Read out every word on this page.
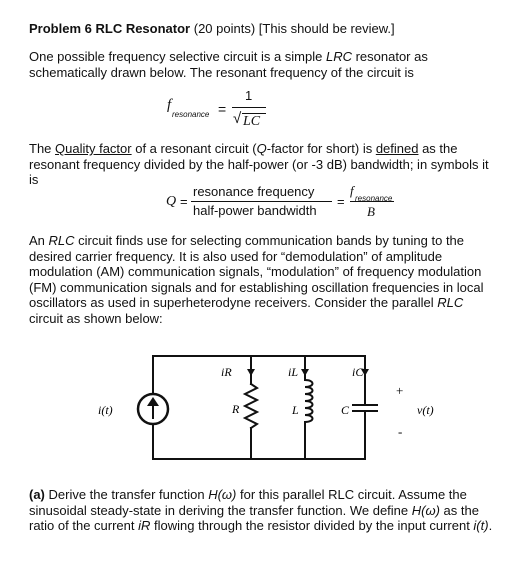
Problem 6 RLC Resonator (20 points) [This should be review.]

One possible frequency selective circuit is a simple LRC resonator as schematically drawn below. The resonant frequency of the circuit is

f
resonance =
1
√ LC

The Quality factor of a resonant circuit (Q-factor for short) is defined as the resonant frequency divided by the half-power (or -3 dB) bandwidth; in symbols it is

Q =
resonance frequency
half-power bandwidth
=
f
resonance
B

An RLC circuit finds use for selecting communication bands by tuning to the desired carrier frequency. It is also used for “demodulation” of amplitude modulation (AM) communication signals, “modulation” of frequency modulation (FM) communication signals and for establishing oscillation frequencies in local oscillators as used in superheterodyne receivers. Consider the parallel RLC circuit as shown below:

i(t)
iR	iL	iC
R	L	C
+
-
v(t)

(a) Derive the transfer function H(ω) for this parallel RLC circuit. Assume the sinusoidal steady-state in deriving the transfer function. We define H(ω) as the ratio of the current iR flowing through the resistor divided by the input current i(t).
